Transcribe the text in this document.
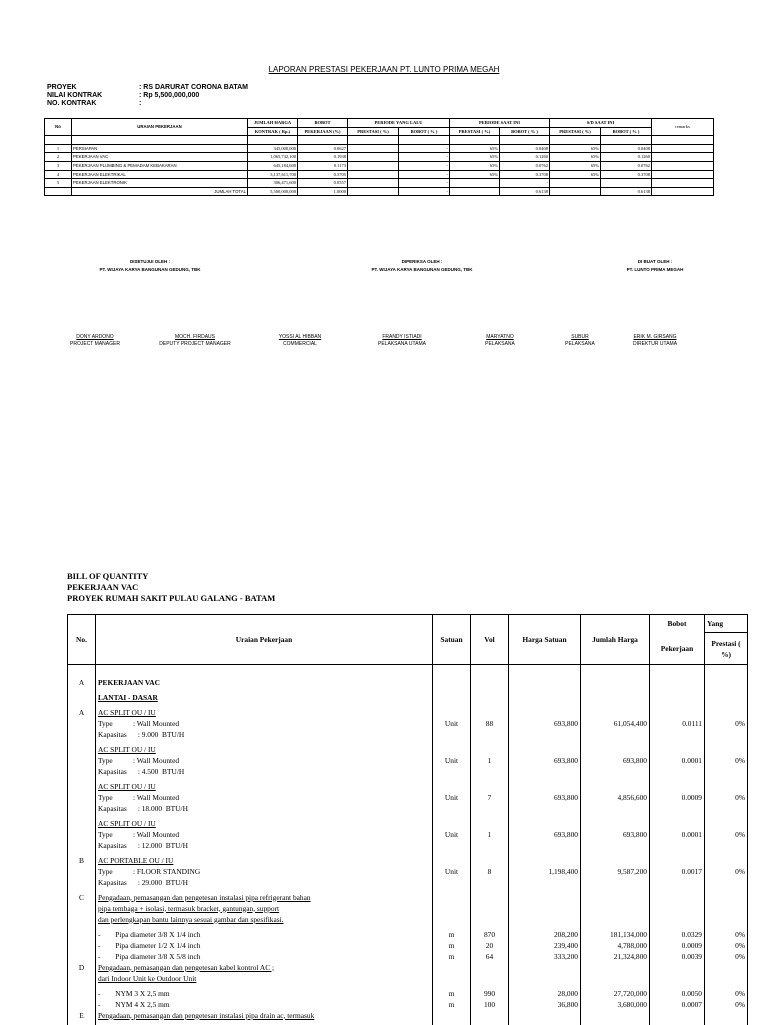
LAPORAN PRESTASI PEKERJAAN PT. LUNTO PRIMA MEGAH
PROYEK	: RS DARURAT CORONA BATAM
NILAI KONTRAK	: Rp 5,500,000,000
NO. KONTRAK	:
No	URAIAN PEKERJAAN	JUMLAH HARGA	BOBOT	PERIODE YANG LALU		PERIODE SAAT INI		S/D SAAT INI		remarks
		KONTRAK ( Rp.)	PEKERJAAN (%)	PRESTASI ( %)	BOBOT ( % )	PRESTASI ( %)	BOBOT ( % )	PRESTASI ( %)	BOBOT ( % )	

1	PERSIAPAN	345,000,000	0.0627		-	65%	0.0408	65%	0.0408	
2	PEKERJAAN VAC	1,065,732,100	0.1938		-	65%	0.1260	65%	0.1260	
3	PEKERJAAN PLUMBING & PEMADAM KEBAKARAN	645,184,600	0.1173		-	65%	0.0762	65%	0.0762	
4	PEKERJAAN ELEKTRIKAL	3,137,611,700	0.5705		-	65%	0.3708	65%	0.3708	
5	PEKERJAAN ELEKTRONIK	306,471,600	0.0557		-		-			
	JUMLAH TOTAL	5,500,000,000	1.0000		-		0.6138		0.6138	
DISETUJUI OLEH :
PT. WIJAYA KARYA BANGUNAN GEDUNG, TBK
DIPERIKSA OLEH :
PT. WIJAYA KARYA BANGUNAN GEDUNG, TBK
DI BUAT OLEH :
PT. LUNTO PRIMA MEGAH
DONY ARDONO
PROJECT MANAGER
MOCH. FIRDAUS
DEPUTY PROJECT MANAGER
YOSSI AL HIBBAN
COMMERCIAL
FRANDY ISTIADI
PELAKSANA UTAMA
MARYATNO
PELAKSANA
SUBUR
PELAKSANA
ERIK M. GIRSANG
DIREKTUR UTAMA
BILL OF QUANTITY
PEKERJAAN VAC
PROYEK RUMAH SAKIT PULAU GALANG - BATAM
No.	Uraian Pekerjaan	Satuan	Vol	Harga Satuan	Jumlah Harga	Bobot	Yang
						Pekerjaan	Prestasi ( %)

A	PEKERJAAN VAC						

	LANTAI - DASAR						

A	AC SPLIT OU / IU
Type           : Wall Mounted
Kapasitas      : 9.000  BTU/H	Unit	88	693,800	61,054,400	0.0111	0%

	AC SPLIT OU / IU
Type           : Wall Mounted
Kapasitas      : 4.500  BTU/H	Unit	1	693,800	693,800	0.0001	0%

	AC SPLIT OU / IU
Type           : Wall Mounted
Kapasitas      : 18.000  BTU/H	Unit	7	693,800	4,856,600	0.0009	0%

	AC SPLIT OU / IU
Type           : Wall Mounted
Kapasitas      : 12.000  BTU/H	Unit	1	693,800	693,800	0.0001	0%
B	AC PORTABLE OU / IU
Type           : FLOOR STANDING
Kapasitas      : 29.000  BTU/H	Unit	8	1,198,400	9,587,200	0.0017	0%
C	Pengadaan, pemasangan dan pengetesan instalasi pipa refrigerant bahan
pipa tembaga + isolasi, termasuk bracket, gantungan, support
dan perlengkapan bantu lainnya sesuai gambar dan spesifikasi.						

	-        Pipa diameter 3/8 X 1/4 inch	m	870	208,200	181,134,000	0.0329	0%

	-        Pipa diameter 1/2 X 1/4 inch	m	20	239,400	4,788,000	0.0009	0%

	-        Pipa diameter 3/8 X 5/8 inch	m	64	333,200	21,324,800	0.0039	0%
D	Pengadaan, pemasangan dan pengetesan kabel kontrol AC ;
dari Indoor Unit ke Outdoor Unit						

	-        NYM 3 X 2,5 mm	m	990	28,000	27,720,000	0.0050	0%

	-        NYM 4 X 2,5 mm	m	100	36,800	3,680,000	0.0007	0%
E	Pengadaan, pemasangan dan pengetesan instalasi pipa drain ac, termasuk						
